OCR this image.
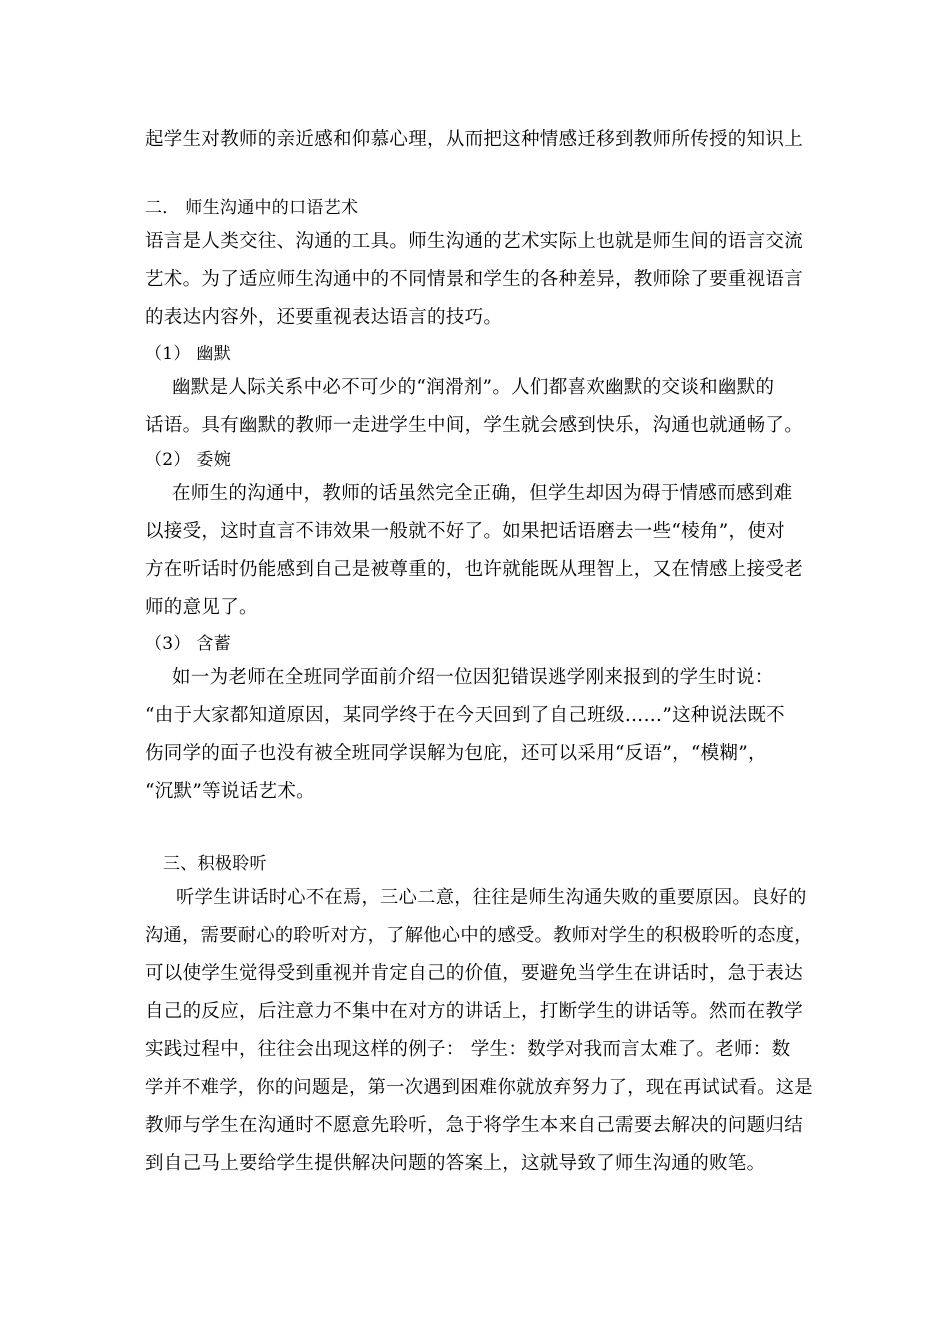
起学生对教师的亲近感和仰慕心理，从而把这种情感迁移到教师所传授的知识上
二． 师生沟通中的口语艺术
语言是人类交往、沟通的工具。师生沟通的艺术实际上也就是师生间的语言交流
艺术。为了适应师生沟通中的不同情景和学生的各种差异，教师除了要重视语言
的表达内容外，还要重视表达语言的技巧。
（1） 幽默
幽默是人际关系中必不可少的“润滑剂”。人们都喜欢幽默的交谈和幽默的
话语。具有幽默的教师一走进学生中间，学生就会感到快乐，沟通也就通畅了。
（2） 委婉
在师生的沟通中，教师的话虽然完全正确，但学生却因为碍于情感而感到难
以接受，这时直言不讳效果一般就不好了。如果把话语磨去一些“棱角”，使对
方在听话时仍能感到自己是被尊重的，也许就能既从理智上，又在情感上接受老
师的意见了。
（3） 含蓄
如一为老师在全班同学面前介绍一位因犯错误逃学刚来报到的学生时说：
“由于大家都知道原因，某同学终于在今天回到了自己班级……”这种说法既不
伤同学的面子也没有被全班同学误解为包庇，还可以采用“反语”，“模糊”，
“沉默”等说话艺术。
三、积极聆听
听学生讲话时心不在焉，三心二意，往往是师生沟通失败的重要原因。良好的
沟通，需要耐心的聆听对方，了解他心中的感受。教师对学生的积极聆听的态度，
可以使学生觉得受到重视并肯定自己的价值，要避免当学生在讲话时，急于表达
自己的反应，后注意力不集中在对方的讲话上，打断学生的讲话等。然而在教学
实践过程中，往往会出现这样的例子： 学生：数学对我而言太难了。老师：数
学并不难学，你的问题是，第一次遇到困难你就放弃努力了，现在再试试看。这是
教师与学生在沟通时不愿意先聆听，急于将学生本来自己需要去解决的问题归结
到自己马上要给学生提供解决问题的答案上，这就导致了师生沟通的败笔。
